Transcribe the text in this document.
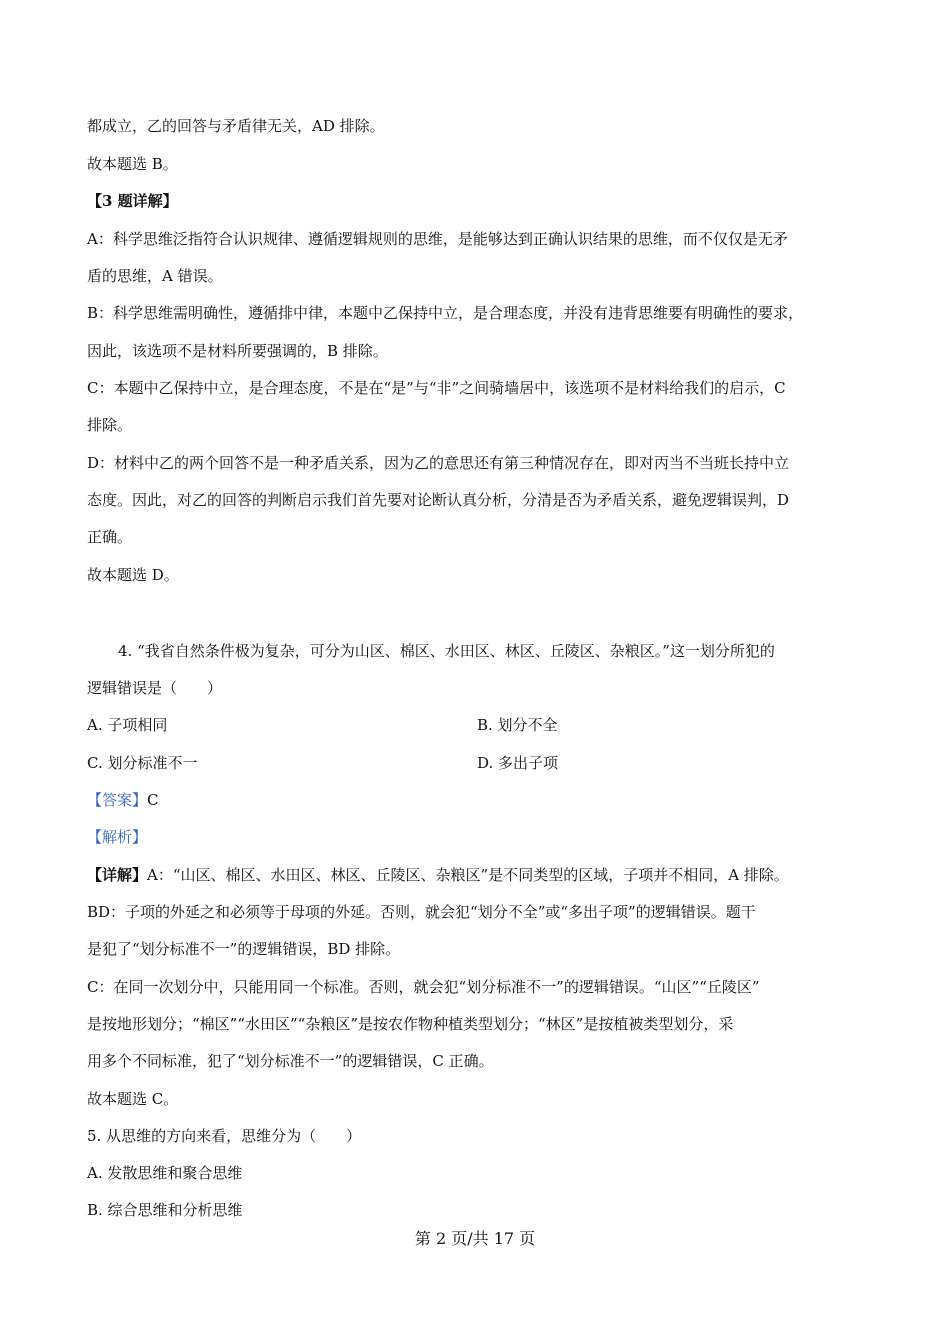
都成立，乙的回答与矛盾律无关，AD 排除。
故本题选 B。
【3 题详解】
A：科学思维泛指符合认识规律、遵循逻辑规则的思维，是能够达到正确认识结果的思维，而不仅仅是无矛
盾的思维，A 错误。
B：科学思维需明确性，遵循排中律，本题中乙保持中立，是合理态度，并没有违背思维要有明确性的要求，
因此，该选项不是材料所要强调的，B 排除。
C：本题中乙保持中立，是合理态度，不是在“是”与“非”之间骑墙居中，该选项不是材料给我们的启示，C
排除。
D：材料中乙的两个回答不是一种矛盾关系，因为乙的意思还有第三种情况存在，即对丙当不当班长持中立
态度。因此，对乙的回答的判断启示我们首先要对论断认真分析，分清是否为矛盾关系，避免逻辑误判，D
正确。
故本题选 D。
4. “我省自然条件极为复杂，可分为山区、棉区、水田区、林区、丘陵区、杂粮区。”这一划分所犯的
逻辑错误是（　　）
A. 子项相同	B. 划分不全
C. 划分标准不一	D. 多出子项
【答案】C
【解析】
【详解】A：“山区、棉区、水田区、林区、丘陵区、杂粮区”是不同类型的区域，子项并不相同，A 排除。
BD：子项的外延之和必须等于母项的外延。否则，就会犯“划分不全”或“多出子项”的逻辑错误。题干
是犯了“划分标准不一”的逻辑错误，BD 排除。
C：在同一次划分中，只能用同一个标准。否则，就会犯“划分标准不一”的逻辑错误。“山区”“丘陵区”
是按地形划分；“棉区”“水田区”“杂粮区”是按农作物种植类型划分；“林区”是按植被类型划分，采
用多个不同标准，犯了“划分标准不一”的逻辑错误，C 正确。
故本题选 C。
5. 从思维的方向来看，思维分为（　　）
A. 发散思维和聚合思维
B. 综合思维和分析思维
第 2 页/共 17 页
